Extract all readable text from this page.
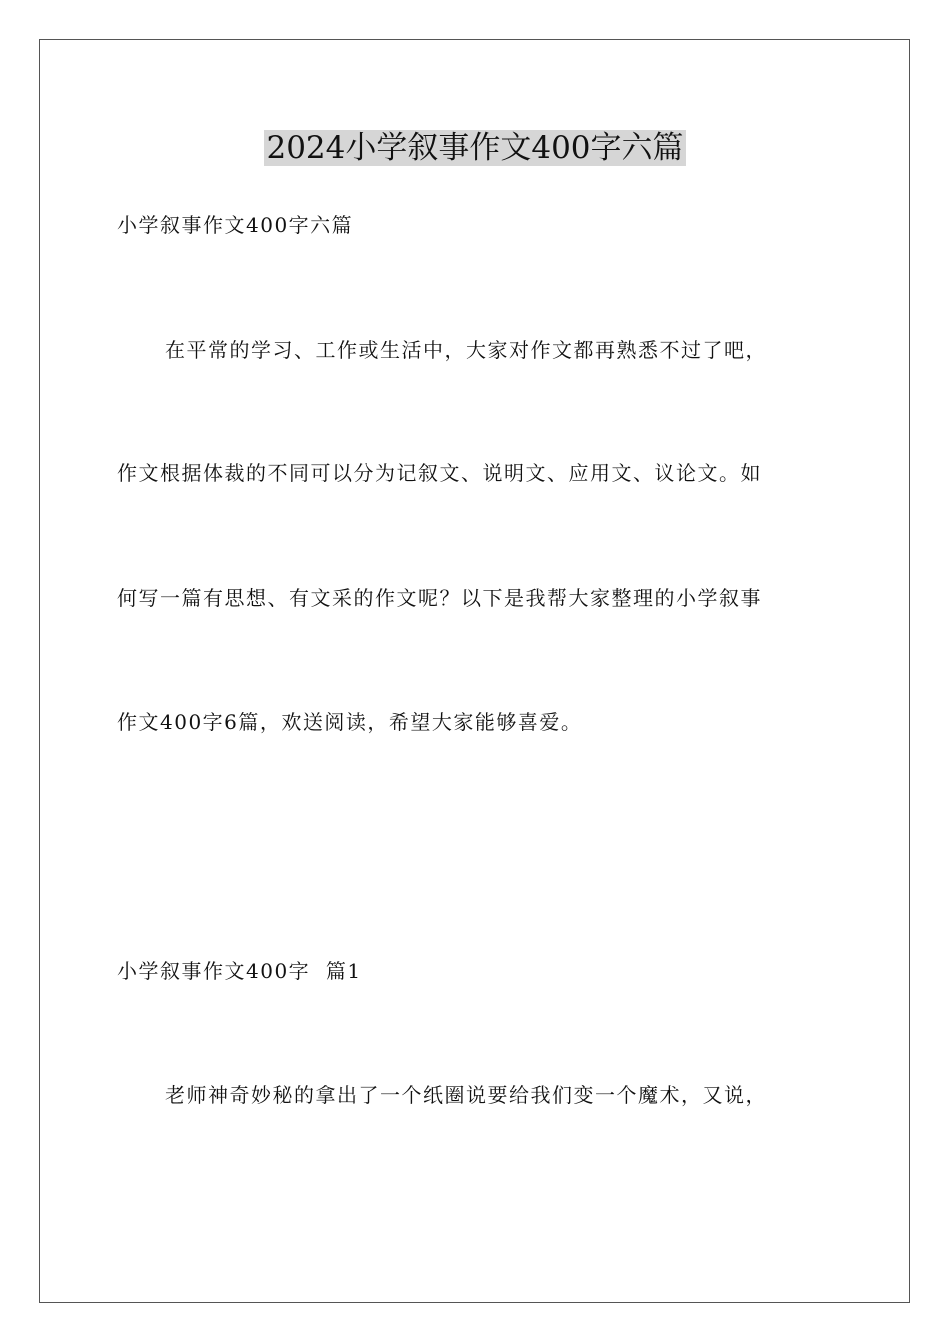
2024小学叙事作文400字六篇
小学叙事作文400字六篇
在平常的学习、工作或生活中，大家对作文都再熟悉不过了吧，
作文根据体裁的不同可以分为记叙文、说明文、应用文、议论文。如
何写一篇有思想、有文采的作文呢？以下是我帮大家整理的小学叙事
作文400字6篇，欢送阅读，希望大家能够喜爱。
小学叙事作文400字  篇1
老师神奇妙秘的拿出了一个纸圈说要给我们变一个魔术，又说，
